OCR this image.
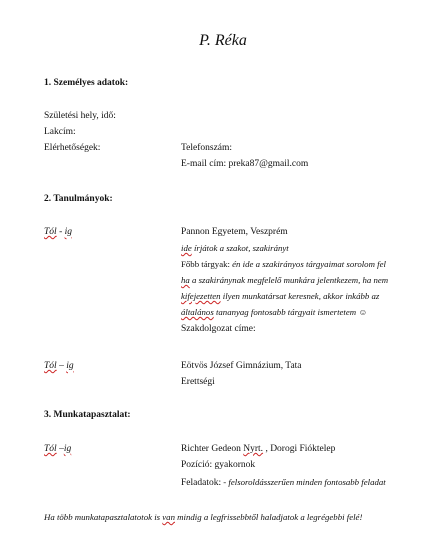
P. Réka
1. Személyes adatok:
Születési hely, idő:
Lakcím:
Elérhetőségek:	Telefonszám:
E-mail cím: preka87@gmail.com
2. Tanulmányok:
Tól - ig	Pannon Egyetem, Veszprém
ide írjátok a szakot, szakirányt
Főbb tárgyak: én ide a szakirányos tárgyaimat sorolom fel
ha a szakiránynak megfelelő munkára jelentkezem, ha nem
kifejezetten ilyen munkatársat keresnek, akkor inkább az
általános tananyag fontosabb tárgyait ismertetem ☺
Szakdolgozat címe:
Tól – ig	Eötvös József Gimnázium, Tata
Erettségi
3. Munkatapasztalat:
Tól –ig	Richter Gedeon Nyrt. , Dorogi Fióktelep
Pozíció: gyakornok
Feladatok: - felsoroldásszerűen minden fontosabb feladat
Ha több munkatapasztalatotok is van mindig a legfrissebbtől haladjatok a legrégebbi felé!
